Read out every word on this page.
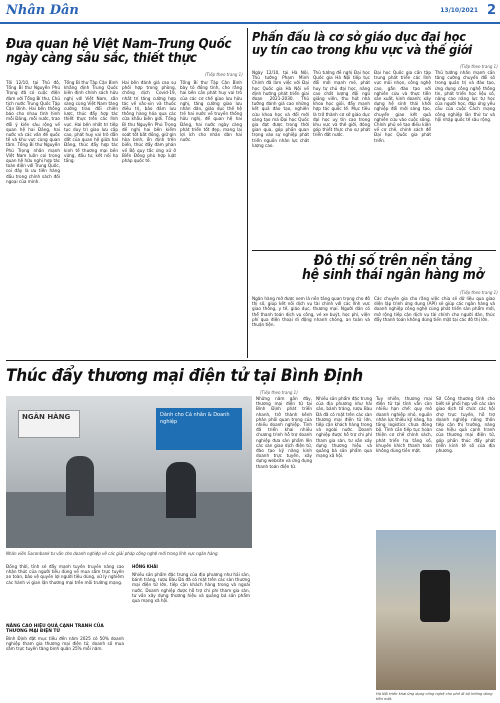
Nhân Dân	13/10/2021 2
Đưa quan hệ Việt Nam–Trung Quốc
ngày càng sâu sắc, thiết thực
(Tiếp theo trang 1)
Tối 12/10, tại Thủ đô, Tổng Bí thư Nguyễn Phú Trọng đã có cuộc điện đàm với Tổng Bí thư, Chủ tịch nước Trung Quốc Tập Cận Bình. Hai bên thông báo cho nhau tình hình mỗi Đảng, mỗi nước, trao đổi ý kiến sâu rộng về quan hệ hai Đảng, hai nước và các vấn đề quốc tế và khu vực cùng quan tâm. Tổng Bí thư Nguyễn Phú Trọng nhấn mạnh Việt Nam luôn coi trọng quan hệ hữu nghị hợp tác toàn diện với Trung Quốc, coi đây là ưu tiên hàng đầu trong chính sách đối ngoại của mình.
Tổng Bí thư Tập Cận Bình khẳng định Trung Quốc kiên định chính sách hữu nghị với Việt Nam, sẵn sàng cùng Việt Nam tăng cường trao đổi chiến lược, thúc đẩy hợp tác thiết thực trên các lĩnh vực. Hai bên nhất trí tiếp tục duy trì giao lưu cấp cao, phát huy vai trò dẫn dắt của quan hệ giữa hai Đảng, thúc đẩy hợp tác kinh tế thương mại bền vững, đầu tư, kết nối hạ tầng.
Hai bên đánh giá cao sự phối hợp trong phòng, chống dịch Covid-19, nhất trí tăng cường hợp tác về vắc-xin và thuốc điều trị, bảo đảm lưu thông hàng hóa qua các cửa khẩu biên giới. Tổng Bí thư Nguyễn Phú Trọng đề nghị hai bên kiểm soát tốt bất đồng, giữ gìn hòa bình, ổn định trên biển, thúc đẩy đàm phán về Bộ quy tắc ứng xử ở Biển Đông phù hợp luật pháp quốc tế.
Tổng Bí thư Tập Cận Bình bày tỏ đồng tình, cho rằng hai bên cần phát huy vai trò của các cơ chế giao lưu hữu nghị, tăng cường giao lưu nhân dân, giáo dục thế hệ trẻ hai nước về truyền thống hữu nghị, để quan hệ hai Đảng, hai nước ngày càng phát triển tốt đẹp, mang lại lợi ích cho nhân dân hai nước.
Phấn đấu là cơ sở giáo dục đại học
uy tín cao trong khu vực và thế giới
(Tiếp theo trang 1)
Ngày 12/10, tại Hà Nội, Thủ tướng Phạm Minh Chính đã làm việc với Đại học Quốc gia Hà Nội về định hướng phát triển giai đoạn 2021-2030. Thủ tướng đánh giá cao những kết quả đào tạo, nghiên cứu khoa học và đổi mới sáng tạo mà Đại học Quốc gia đạt được trong thời gian qua, góp phần quan trọng vào sự nghiệp phát triển nguồn nhân lực chất lượng cao.
Thủ tướng đề nghị Đại học Quốc gia Hà Nội tiếp tục đổi mới mạnh mẽ, phát huy tự chủ đại học, nâng cao chất lượng đội ngũ giảng viên, thu hút nhà khoa học giỏi, đẩy mạnh hợp tác quốc tế. Mục tiêu là trở thành cơ sở giáo dục đại học uy tín cao trong khu vực và thế giới, đóng góp thiết thực cho sự phát triển đất nước.
Đại học Quốc gia cần tập trung phát triển các lĩnh vực mũi nhọn, công nghệ cao, gắn đào tạo với nghiên cứu và thực tiễn sản xuất, kinh doanh; xây dựng hệ sinh thái khởi nghiệp đổi mới sáng tạo, chuyển giao kết quả nghiên cứu vào cuộc sống. Chính phủ sẽ tạo điều kiện về cơ chế, chính sách để Đại học Quốc gia phát triển.
Thủ tướng nhấn mạnh cần tăng cường chuyển đổi số trong quản trị và đào tạo, ứng dụng công nghệ thông tin, phát triển học liệu số, nâng cao năng lực tự học của người học, đáp ứng yêu cầu của cuộc Cách mạng công nghiệp lần thứ tư và hội nhập quốc tế sâu rộng.
Đô thị số trên nền tảng
hệ sinh thái ngân hàng mở
(Tiếp theo trang 1)
Ngân hàng mở được xem là nền tảng quan trọng cho đô thị số, giúp kết nối dịch vụ tài chính với các lĩnh vực giao thông, y tế, giáo dục, thương mại. Người dân có thể thanh toán dịch vụ công, vé xe buýt, học phí, viện phí qua điện thoại di động nhanh chóng, an toàn và thuận tiện.
Các chuyên gia cho rằng việc chia sẻ dữ liệu qua giao diện lập trình ứng dụng (API) sẽ giúp các ngân hàng và doanh nghiệp công nghệ cùng phát triển sản phẩm mới, mở rộng tiếp cận dịch vụ tài chính cho người dân, thúc đẩy thanh toán không dùng tiền mặt tại các đô thị lớn.
Thúc đẩy thương mại điện tử tại Bình Định
(Tiếp theo trang 1)
NGÂN HÀNG	Dành cho Cá nhân & Doanh nghiệp
Nhân viên Saconbank tư vấn cho doanh nghiệp về các giải pháp công nghệ mới trong lĩnh vực ngân hàng.
Những năm gần đây, thương mại điện tử tại Bình Định phát triển nhanh, trở thành kênh phân phối quan trọng của nhiều doanh nghiệp. Tỉnh đã triển khai nhiều chương trình hỗ trợ doanh nghiệp đưa sản phẩm lên các sàn giao dịch điện tử, đào tạo kỹ năng kinh doanh trực tuyến, xây dựng website và ứng dụng thanh toán điện tử.
Nhiều sản phẩm đặc trưng của địa phương như hải sản, bánh tráng, rượu Bàu Đá đã có mặt trên các sàn thương mại điện tử lớn, tiếp cận khách hàng trong và ngoài nước. Doanh nghiệp được hỗ trợ chi phí tham gia sàn, tư vấn xây dựng thương hiệu và quảng bá sản phẩm qua mạng xã hội.
Tuy nhiên, thương mại điện tử tại tỉnh vẫn còn nhiều hạn chế: quy mô doanh nghiệp nhỏ, nguồn nhân lực thiếu kỹ năng, hạ tầng logistics chưa đồng bộ. Tỉnh cần tiếp tục hoàn thiện cơ chế chính sách, phát triển hạ tầng số, khuyến khích thanh toán không dùng tiền mặt.
Sở Công thương tỉnh cho biết sẽ phối hợp với các sàn giao dịch tổ chức các hội chợ trực tuyến, hỗ trợ doanh nghiệp nông thôn tiếp cận thị trường, nâng cao hiệu quả cạnh tranh của thương mại điện tử, góp phần thúc đẩy phát triển kinh tế số của địa phương.
Hà Nội triển khai ứng dụng công nghệ cho phố đi bộ không dùng tiền mặt.
Đồng thời, tỉnh sẽ đẩy mạnh tuyên truyền nâng cao nhận thức của người tiêu dùng về mua sắm trực tuyến an toàn, bảo vệ quyền lợi người tiêu dùng, xử lý nghiêm các hành vi gian lận thương mại trên môi trường mạng.
NÂNG CAO HIỆU QUẢ CẠNH TRANH CỦA THƯƠNG MẠI ĐIỆN TỬ
Bình Định đặt mục tiêu đến năm 2025 có 50% doanh nghiệp tham gia thương mại điện tử, doanh số mua sắm trực tuyến tăng bình quân 25% mỗi năm.
HỒNG KHÁI
Nhiều sản phẩm đặc trưng của địa phương như hải sản, bánh tráng, rượu Bàu Đá đã có mặt trên các sàn thương mại điện tử lớn, tiếp cận khách hàng trong và ngoài nước. Doanh nghiệp được hỗ trợ chi phí tham gia sàn, tư vấn xây dựng thương hiệu và quảng bá sản phẩm qua mạng xã hội.
